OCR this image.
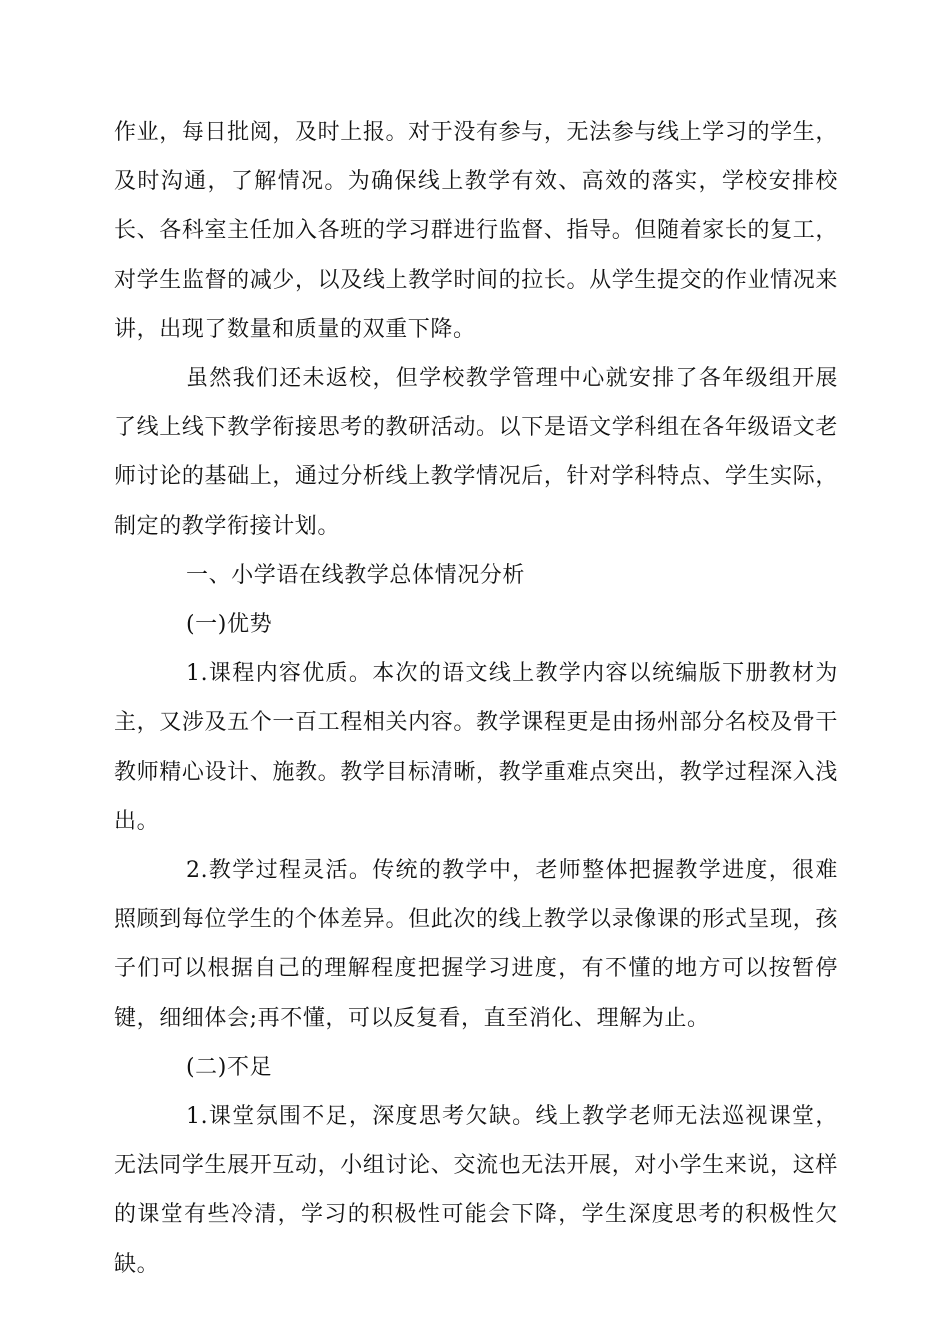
作业，每日批阅，及时上报。对于没有参与，无法参与线上学习的学生，及时沟通，了解情况。为确保线上教学有效、高效的落实，学校安排校长、各科室主任加入各班的学习群进行监督、指导。但随着家长的复工，对学生监督的减少，以及线上教学时间的拉长。从学生提交的作业情况来讲，出现了数量和质量的双重下降。

虽然我们还未返校，但学校教学管理中心就安排了各年级组开展了线上线下教学衔接思考的教研活动。以下是语文学科组在各年级语文老师讨论的基础上，通过分析线上教学情况后，针对学科特点、学生实际，制定的教学衔接计划。

一、小学语在线教学总体情况分析

(一)优势

1.课程内容优质。本次的语文线上教学内容以统编版下册教材为主，又涉及五个一百工程相关内容。教学课程更是由扬州部分名校及骨干教师精心设计、施教。教学目标清晰，教学重难点突出，教学过程深入浅出。

2.教学过程灵活。传统的教学中，老师整体把握教学进度，很难照顾到每位学生的个体差异。但此次的线上教学以录像课的形式呈现，孩子们可以根据自己的理解程度把握学习进度，有不懂的地方可以按暂停键，细细体会;再不懂，可以反复看，直至消化、理解为止。

(二)不足

1.课堂氛围不足，深度思考欠缺。线上教学老师无法巡视课堂，无法同学生展开互动，小组讨论、交流也无法开展，对小学生来说，这样的课堂有些冷清，学习的积极性可能会下降，学生深度思考的积极性欠缺。
